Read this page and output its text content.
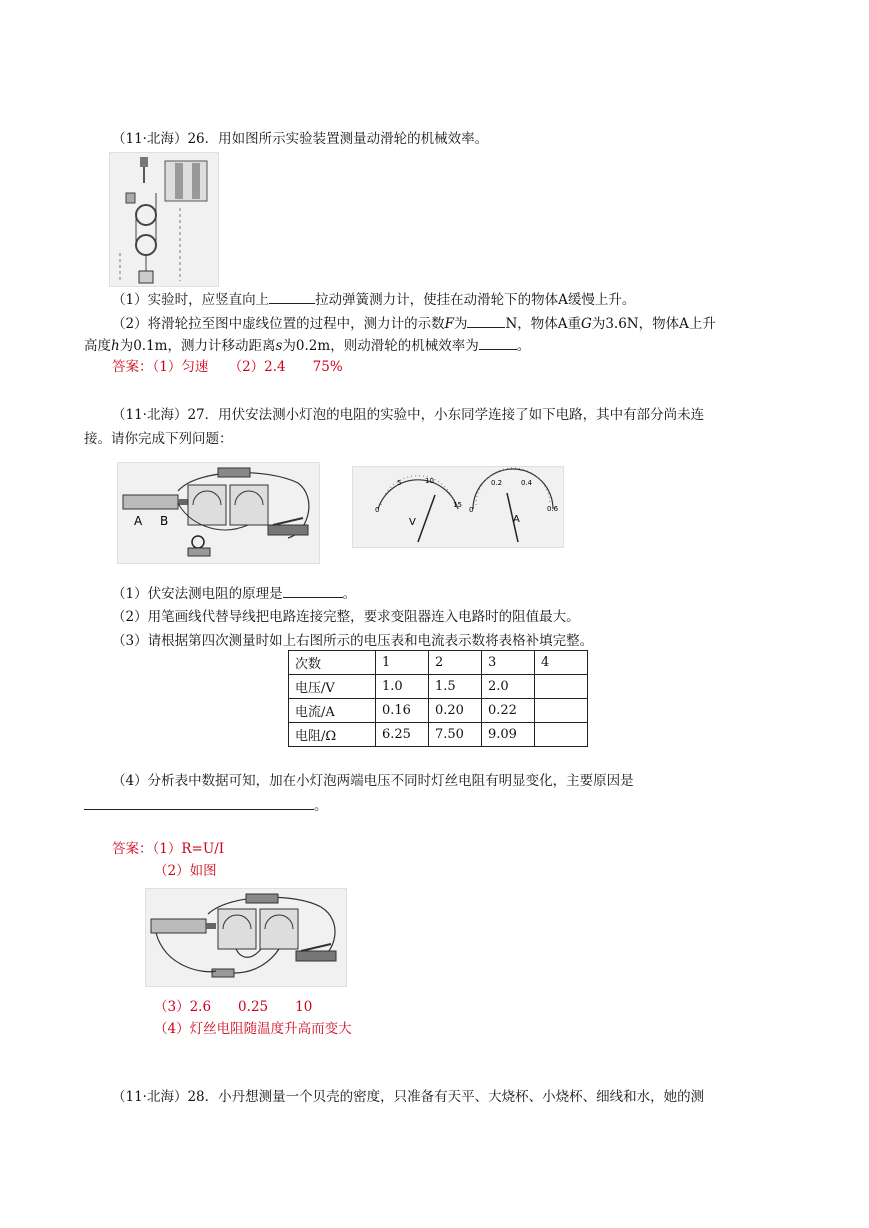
（11·北海）26．用如图所示实验装置测量动滑轮的机械效率。
（1）实验时，应竖直向上	拉动弹簧测力计，使挂在动滑轮下的物体A缓慢上升。
（2）将滑轮拉至图中虚线位置的过程中，测力计的示数F为	N，物体A重G为3.6N，物体A上升
高度h为0.1m，测力计移动距离s为0.2m，则动滑轮的机械效率为	。
答案：（1）匀速　　（2）2.4　　75%
（11·北海）27．用伏安法测小灯泡的电阻的实验中，小东同学连接了如下电路，其中有部分尚未连
接。请你完成下列问题：
A B
0
5	10
15
V
0
0.2	0.4
0.6
A
（1）伏安法测电阻的原理是	。
（2）用笔画线代替导线把电路连接完整，要求变阻器连入电路时的阻值最大。
（3）请根据第四次测量时如上右图所示的电压表和电流表示数将表格补填完整。
次数	1	2	3	4
电压/V	1.0	1.5	2.0	
电流/A	0.16	0.20	0.22	
电阻/Ω	6.25	7.50	9.09	
（4）分析表中数据可知，加在小灯泡两端电压不同时灯丝电阻有明显变化，主要原因是
。
答案：（1）R=U/I
（2）如图
（3）2.6　　0.25　　10
（4）灯丝电阻随温度升高而变大
（11·北海）28．小丹想测量一个贝壳的密度，只准备有天平、大烧杯、小烧杯、细线和水，她的测
